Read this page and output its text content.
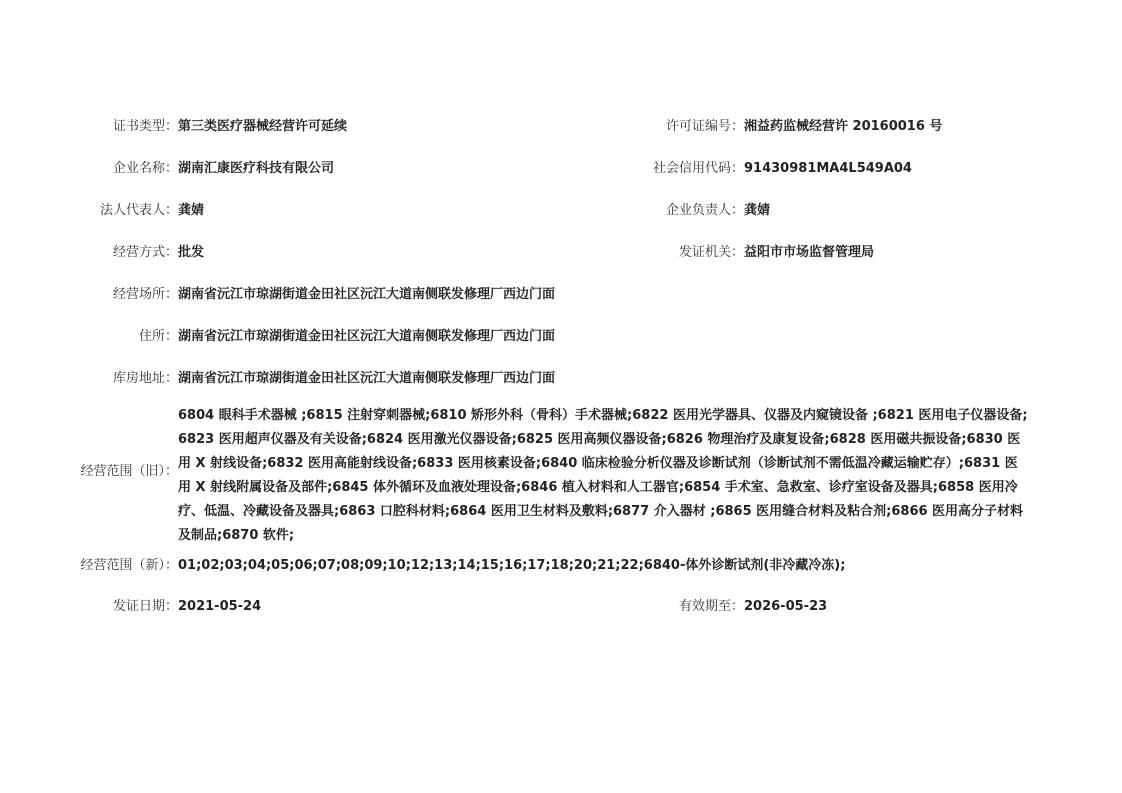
证书类型： 第三类医疗器械经营许可延续	许可证编号： 湘益药监械经营许 20160016 号
企业名称： 湖南汇康医疗科技有限公司	社会信用代码： 91430981MA4L549A04
法人代表人： 龚婧	企业负责人： 龚婧
经营方式： 批发	发证机关： 益阳市市场监督管理局
经营场所： 湖南省沅江市琼湖街道金田社区沅江大道南侧联发修理厂西边门面
住所： 湖南省沅江市琼湖街道金田社区沅江大道南侧联发修理厂西边门面
库房地址： 湖南省沅江市琼湖街道金田社区沅江大道南侧联发修理厂西边门面
经营范围（旧）：
6804 眼科手术器械 ;6815 注射穿刺器械;6810 矫形外科（骨科）手术器械;6822 医用光学器具、仪器及内窥镜设备 ;6821 医用电子仪器设备;6823 医用超声仪器及有关设备;6824 医用激光仪器设备;6825 医用高频仪器设备;6826 物理治疗及康复设备;6828 医用磁共振设备;6830 医用 X 射线设备;6832 医用高能射线设备;6833 医用核素设备;6840 临床检验分析仪器及诊断试剂（诊断试剂不需低温冷藏运输贮存）;6831 医用 X 射线附属设备及部件;6845 体外循环及血液处理设备;6846 植入材料和人工器官;6854 手术室、急救室、诊疗室设备及器具;6858 医用冷疗、低温、冷藏设备及器具;6863 口腔科材料;6864 医用卫生材料及敷料;6877 介入器材 ;6865 医用缝合材料及粘合剂;6866 医用高分子材料及制品;6870 软件;
经营范围（新）： 01;02;03;04;05;06;07;08;09;10;12;13;14;15;16;17;18;20;21;22;6840-体外诊断试剂(非冷藏冷冻);
发证日期： 2021-05-24	有效期至： 2026-05-23
